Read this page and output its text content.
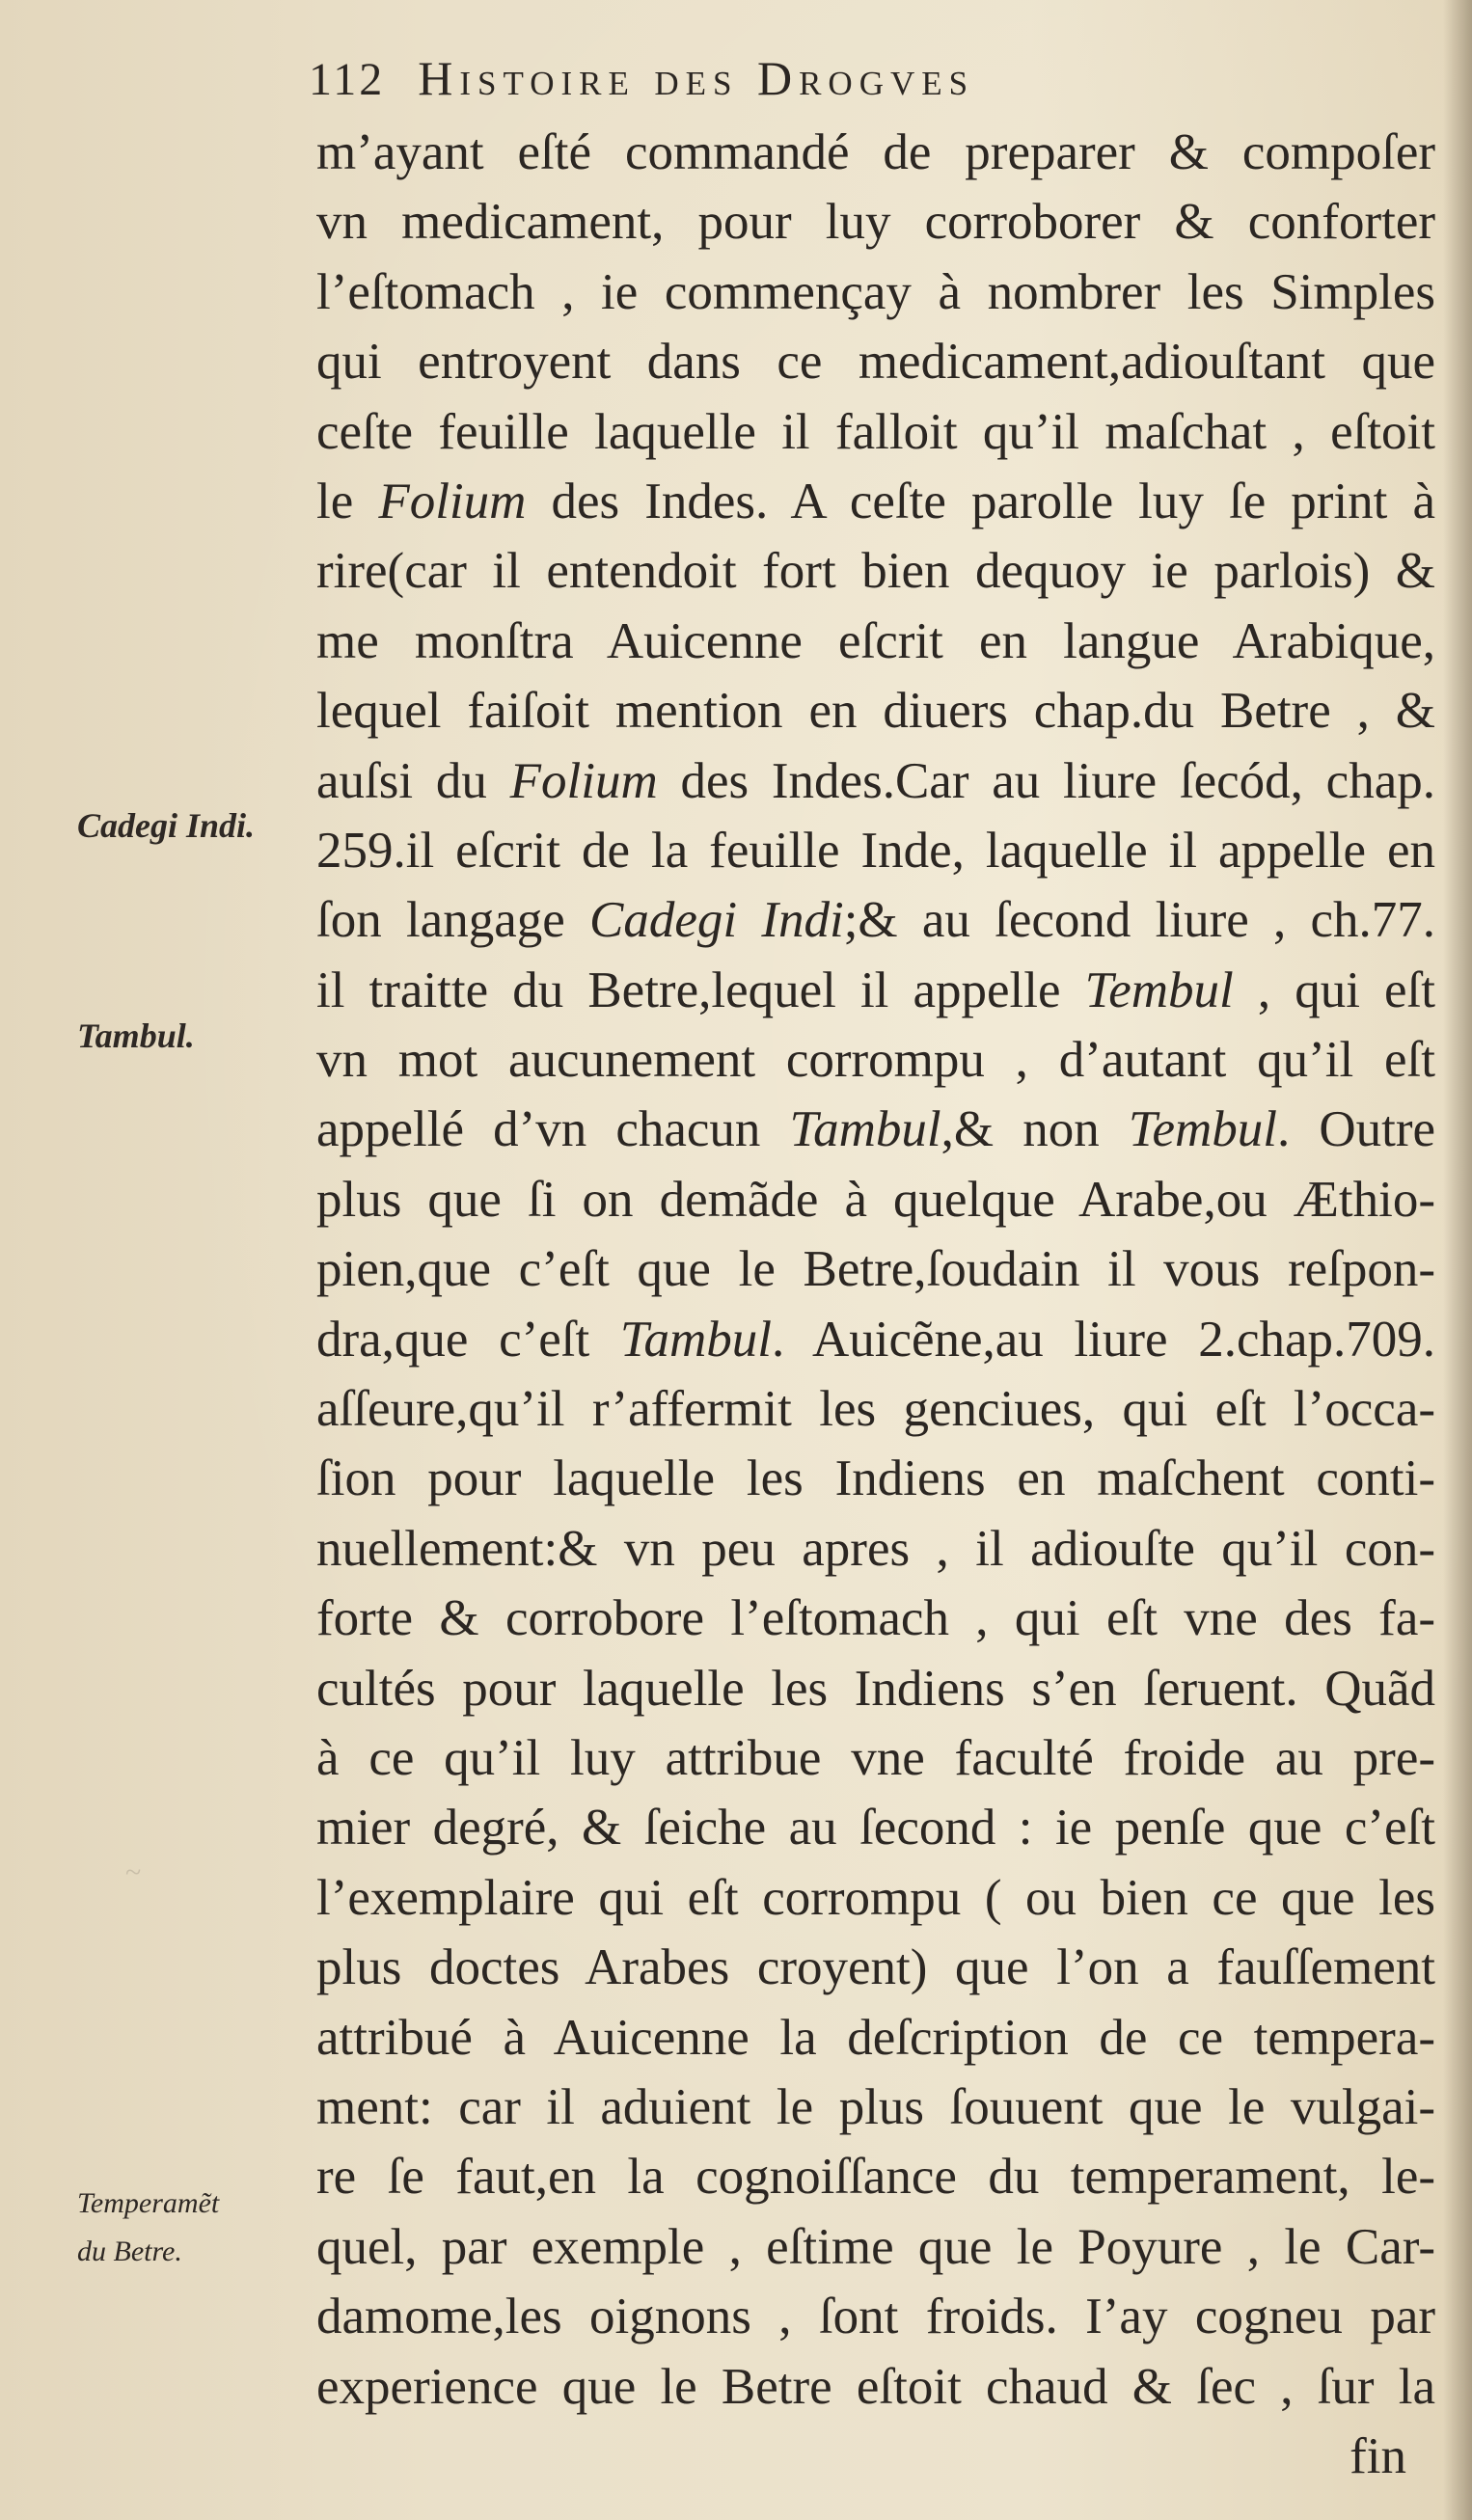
~
112 Histoire des Drogves
m’ayant eſté commandé de preparer & compoſer
vn medicament, pour luy corroborer & conforter
l’eſtomach , ie commençay à nombrer les Simples
qui entroyent dans ce medicament,adiouſtant que
ceſte feuille laquelle il falloit qu’il maſchat , eſtoit
le Folium des Indes. A ceſte parolle luy ſe print à
rire(car il entendoit fort bien dequoy ie parlois) &
me monſtra Auicenne eſcrit en langue Arabique,
lequel faiſoit mention en diuers chap.du Betre , &
auſsi du Folium des Indes.Car au liure ſecód, chap.
259.il eſcrit de la feuille Inde, laquelle il appelle en
ſon langage Cadegi Indi;& au ſecond liure , ch.77.
il traitte du Betre,lequel il appelle Tembul , qui eſt
vn mot aucunement corrompu , d’autant qu’il eſt
appellé d’vn chacun Tambul,& non Tembul. Outre
plus que ſi on demãde à quelque Arabe,ou Æthio-
pien,que c’eſt que le Betre,ſoudain il vous reſpon-
dra,que c’eſt Tambul. Auicẽne,au liure 2.chap.709.
aſſeure,qu’il r’affermit les genciues, qui eſt l’occa-
ſion pour laquelle les Indiens en maſchent conti-
nuellement:& vn peu apres , il adiouſte qu’il con-
forte & corrobore l’eſtomach , qui eſt vne des fa-
cultés pour laquelle les Indiens s’en ſeruent. Quãd
à ce qu’il luy attribue vne faculté froide au pre-
mier degré, & ſeiche au ſecond : ie penſe que c’eſt
l’exemplaire qui eſt corrompu ( ou bien ce que les
plus doctes Arabes croyent) que l’on a fauſſement
attribué à Auicenne la deſcription de ce tempera-
ment: car il aduient le plus ſouuent que le vulgai-
re ſe faut,en la cognoiſſance du temperament, le-
quel, par exemple , eſtime que le Poyure , le Car-
damome,les oignons , ſont froids. I’ay cogneu par
experience que le Betre eſtoit chaud & ſec , ſur la
fin
Cadegi Indi.
Tambul.
Temperamẽt
du Betre.
